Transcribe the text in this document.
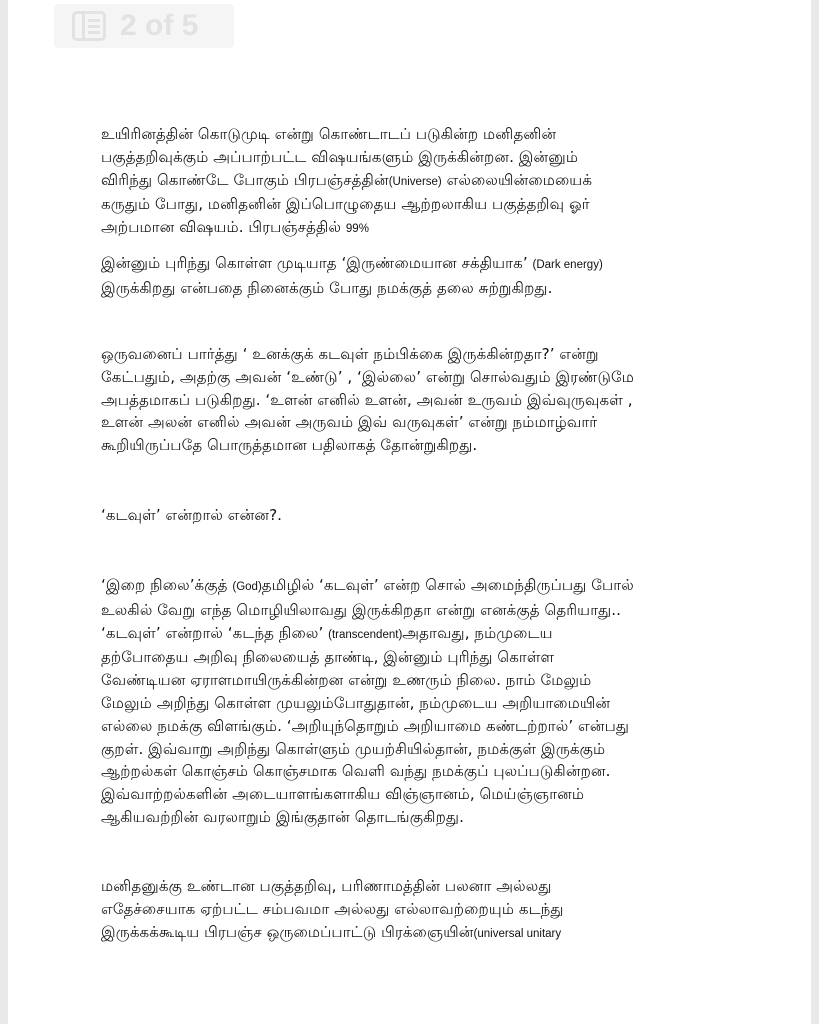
2 of 5

உயிரினத்தின் கொடுமுடி என்று கொண்டாடப் படுகின்ற மனிதனின்
பகுத்தறிவுக்கும் அப்பாற்பட்ட விஷயங்களும் இருக்கின்றன. இன்னும்
விரிந்து கொண்டே போகும் பிரபஞ்சத்தின்(Universe) எல்லையின்மையைக்
கருதும் போது, மனிதனின் இப்பொழுதைய ஆற்றலாகிய பகுத்தறிவு ஓர்
அற்பமான விஷயம். பிரபஞ்சத்தில் 99%

இன்னும் புரிந்து கொள்ள முடியாத ‘இருண்மையான சக்தியாக’ (Dark energy)
இருக்கிறது என்பதை நினைக்கும் போது நமக்குத் தலை சுற்றுகிறது.

ஒருவனைப் பார்த்து ‘ உனக்குக் கடவுள் நம்பிக்கை இருக்கின்றதா?’ என்று
கேட்பதும், அதற்கு அவன் ‘உண்டு’ , ‘இல்லை’ என்று சொல்வதும் இரண்டுமே
அபத்தமாகப் படுகிறது. ‘உளன் எனில் உளன், அவன் உருவம் இவ்வுருவுகள் ,
உளன் அலன் எனில் அவன் அருவம் இவ் வருவுகள்’ என்று நம்மாழ்வார்
கூறியிருப்பதே பொருத்தமான பதிலாகத் தோன்றுகிறது.

‘கடவுள்’ என்றால் என்ன?.

‘இறை நிலை’க்குத் (God)தமிழில் ‘கடவுள்’ என்ற சொல் அமைந்திருப்பது போல்
உலகில் வேறு எந்த மொழியிலாவது இருக்கிறதா என்று எனக்குத் தெரியாது..
‘கடவுள்’ என்றால் ‘கடந்த நிலை’ (transcendent)அதாவது, நம்முடைய
தற்போதைய அறிவு நிலையைத் தாண்டி, இன்னும் புரிந்து கொள்ள
வேண்டியன ஏராளமாயிருக்கின்றன என்று உணரும் நிலை. நாம் மேலும்
மேலும் அறிந்து கொள்ள முயலும்போதுதான், நம்முடைய அறியாமையின்
எல்லை நமக்கு விளங்கும். ‘அறியுந்தொறும் அறியாமை கண்டற்றால்’ என்பது
குறள். இவ்வாறு அறிந்து கொள்ளும் முயற்சியில்தான், நமக்குள் இருக்கும்
ஆற்றல்கள் கொஞ்சம் கொஞ்சமாக வெளி வந்து நமக்குப் புலப்படுகின்றன.
இவ்வாற்றல்களின் அடையாளங்களாகிய விஞ்ஞானம், மெய்ஞ்ஞானம்
ஆகியவற்றின் வரலாறும் இங்குதான் தொடங்குகிறது.

மனிதனுக்கு உண்டான பகுத்தறிவு, பரிணாமத்தின் பலனா அல்லது
எதேச்சையாக ஏற்பட்ட சம்பவமா அல்லது எல்லாவற்றையும் கடந்து
இருக்கக்கூடிய பிரபஞ்ச ஒருமைப்பாட்டு பிரக்ஞையின்(universal unitary
